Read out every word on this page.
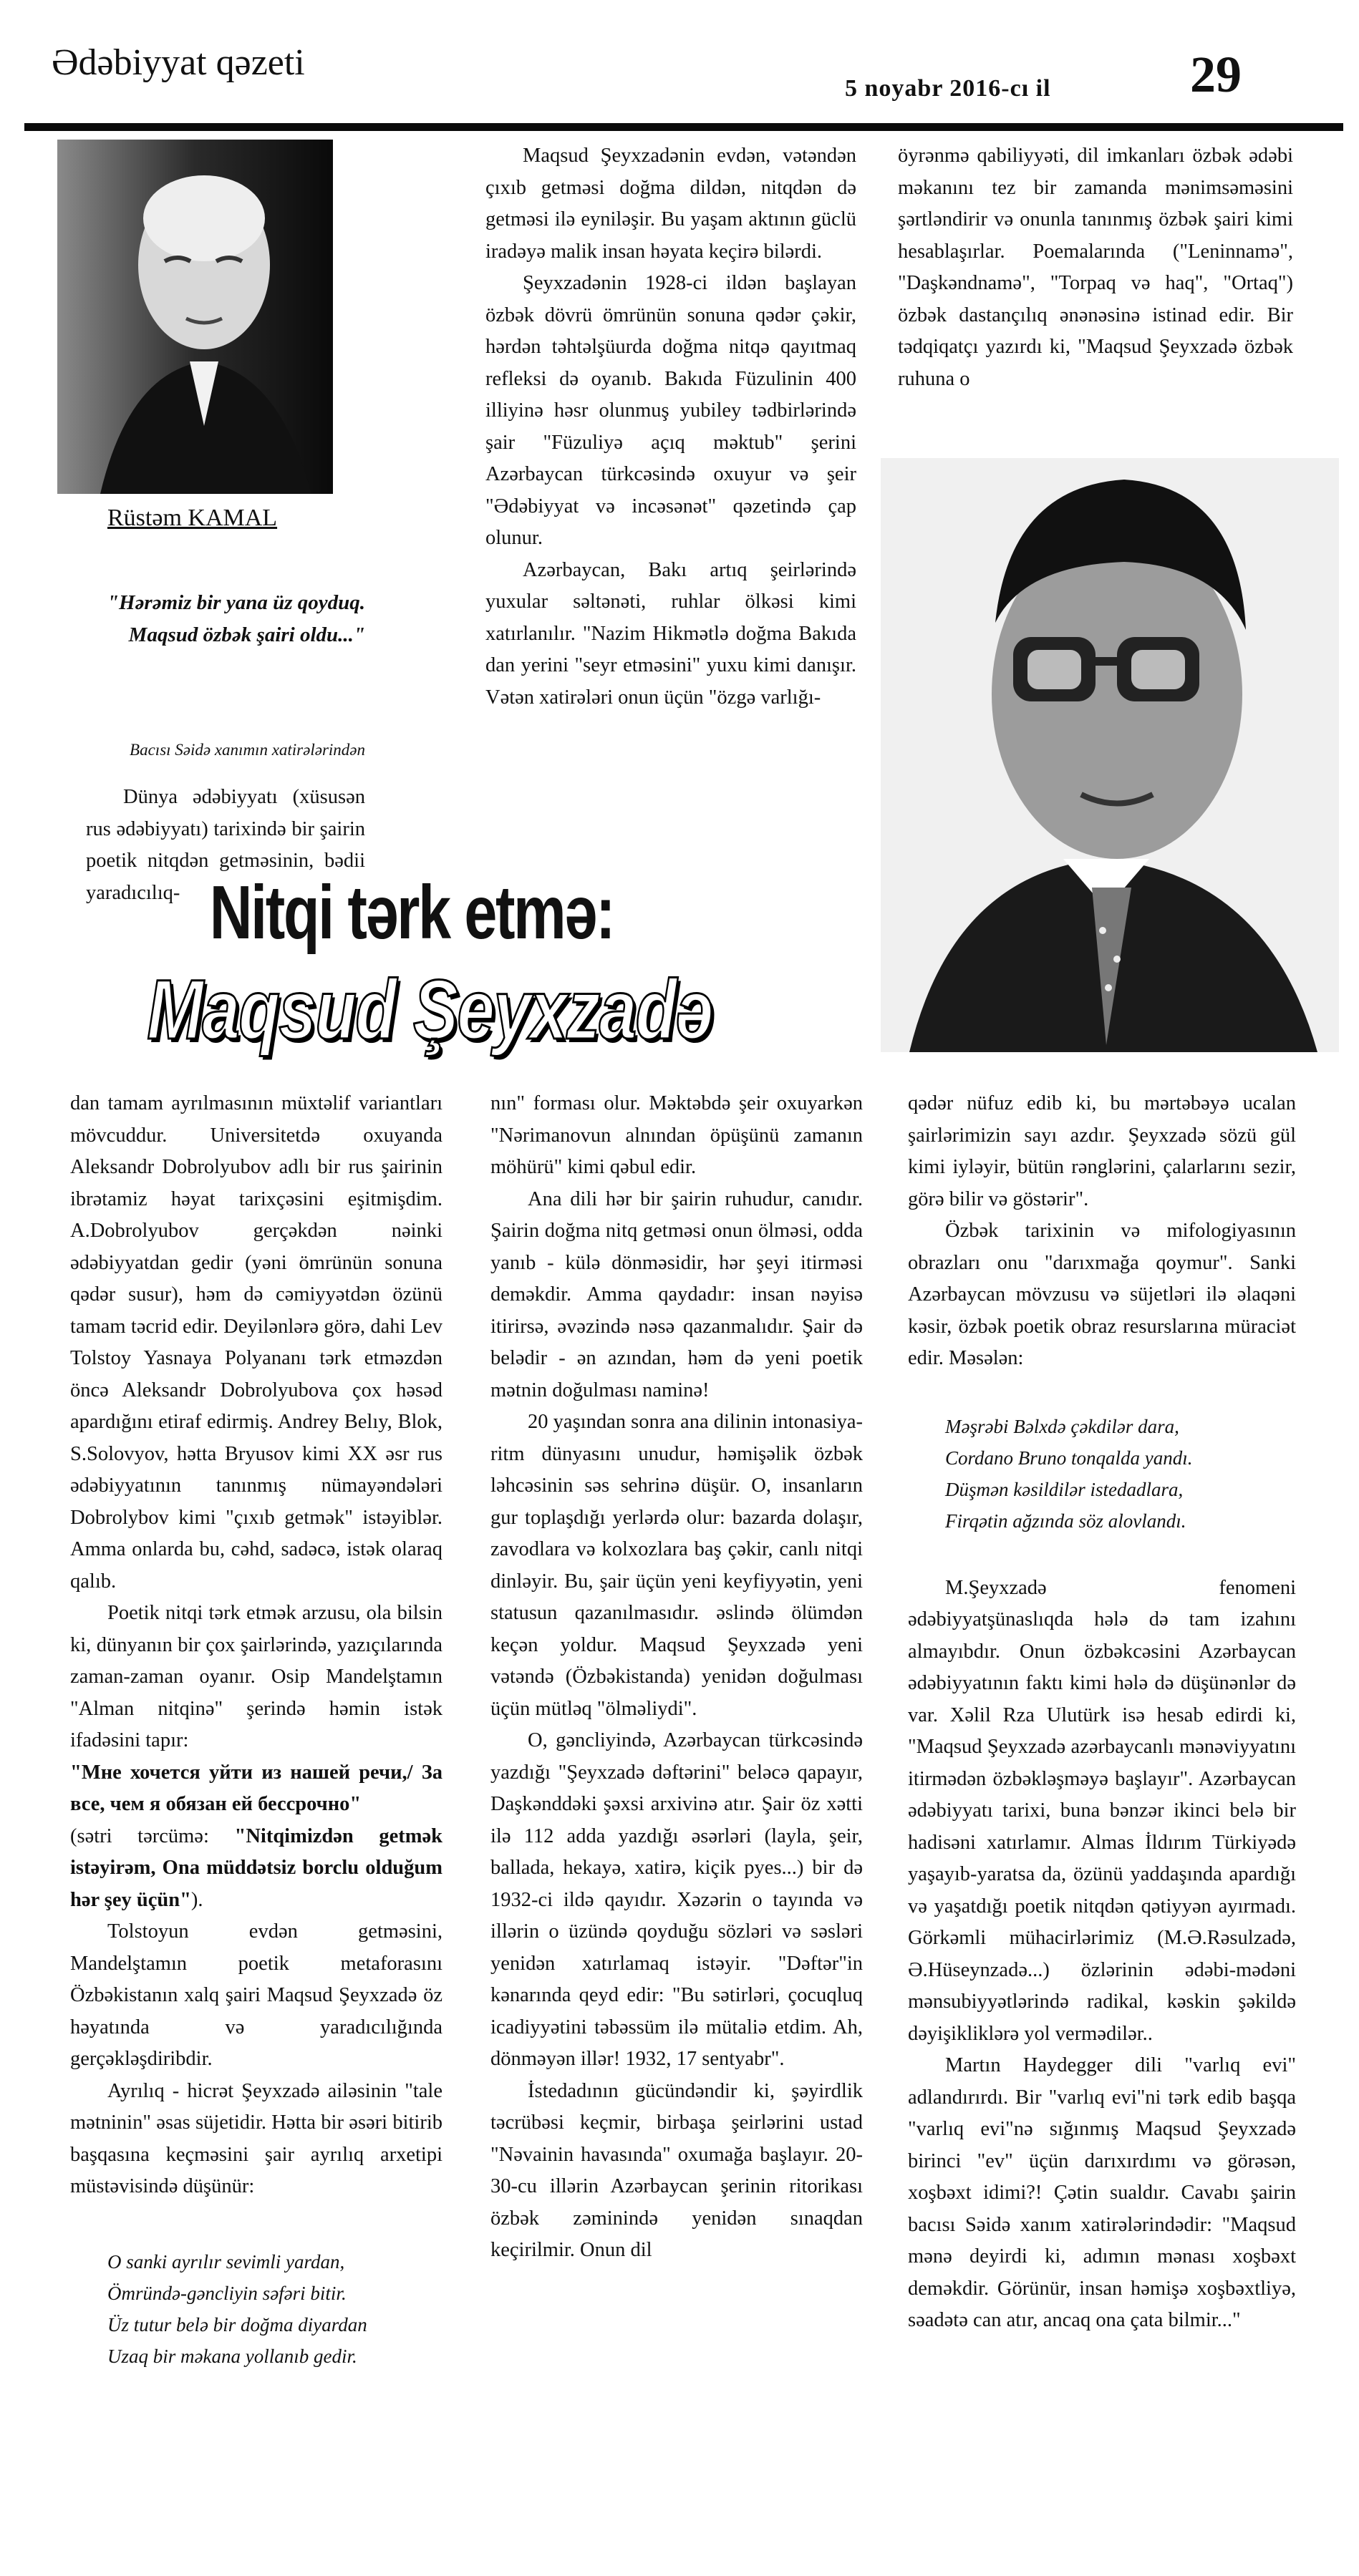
Ədəbiyyat qəzeti
5 noyabr 2016-cı il	29
Rüstəm KAMAL
"Hərəmiz bir yana üz qoyduq.
Maqsud özbək şairi oldu..."
Bacısı Səidə xanımın xatirələrindən

Dünya ədəbiyyatı (xüsusən rus ədəbiyyatı) tarixində bir şairin poetik nitqdən getməsinin, bədii yaradıcılıq-

Maqsud Şeyxzadənin evdən, vətəndən çıxıb getməsi doğma dildən, nitqdən də getməsi ilə eyniləşir. Bu yaşam aktının güclü iradəyə malik insan həyata keçirə bilərdi.

Şeyxzadənin 1928-ci ildən başlayan özbək dövrü ömrünün sonuna qədər çəkir, hərdən təhtəlşüurda doğma nitqə qayıtmaq refleksi də oyanıb. Bakıda Füzulinin 400 illiyinə həsr olunmuş yubiley tədbirlərində şair "Füzuliyə açıq məktub" şerini Azərbaycan türkcəsində oxuyur və şeir "Ədəbiyyat və incəsənət" qəzetində çap olunur.

Azərbaycan, Bakı artıq şeirlərində yuxular səltənəti, ruhlar ölkəsi kimi xatırlanılır. "Nazim Hikmətlə doğma Bakıda dan yerini "seyr etməsini" yuxu kimi danışır. Vətən xatirələri onun üçün "özgə varlığı-

öyrənmə qabiliyyəti, dil imkanları özbək ədəbi məkanını tez bir zamanda mənimsəməsini şərtləndirir və onunla tanınmış özbək şairi kimi hesablaşırlar. Poemalarında ("Leninnamə", "Daşkəndnamə", "Torpaq və haq", "Ortaq") özbək dastançılıq ənənəsinə istinad edir. Bir tədqiqatçı yazırdı ki, "Maqsud Şeyxzadə özbək ruhuna o

Nitqi tərk etmə:
Maqsud Şeyxzadə

dan tamam ayrılmasının müxtəlif variantları mövcuddur. Universitetdə oxuyanda Aleksandr Dobrolyubov adlı bir rus şairinin ibrətamiz həyat tarixçəsini eşitmişdim. A.Dobrolyubov gerçəkdən nəinki ədəbiyyatdan gedir (yəni ömrünün sonuna qədər susur), həm də cəmiyyətdən özünü tamam təcrid edir. Deyilənlərə görə, dahi Lev Tolstoy Yasnaya Polyananı tərk etməzdən öncə Aleksandr Dobrolyubova çox həsəd apardığını etiraf edirmiş. Andrey Belıy, Blok, S.Solovyov, hətta Bryusov kimi XX əsr rus ədəbiyyatının tanınmış nümayəndələri Dobrolybov kimi "çıxıb getmək" istəyiblər. Amma onlarda bu, cəhd, sadəcə, istək olaraq qalıb.

Poetik nitqi tərk etmək arzusu, ola bilsin ki, dünyanın bir çox şairlərində, yazıçılarında zaman-zaman oyanır. Osip Mandelştamın "Alman nitqinə" şerində həmin istək ifadəsini tapır:

"Мне хочется уйти из нашей речи,/ За все, чем я обязан ей бессрочно"

(sətri tərcümə: "Nitqimizdən getmək istəyirəm, Ona müddətsiz borclu olduğum hər şey üçün").

Tolstoyun evdən getməsini, Mandelştamın poetik metaforasını Özbəkistanın xalq şairi Maqsud Şeyxzadə öz həyatında və yaradıcılığında gerçəkləşdiribdir.

Ayrılıq - hicrət Şeyxzadə ailəsinin "tale mətninin" əsas süjetidir. Hətta bir əsəri bitirib başqasına keçməsini şair ayrılıq arxetipi müstəvisində düşünür:

O sanki ayrılır sevimli yardan,
Ömründə-gəncliyin səfəri bitir.
Üz tutur belə bir doğma diyardan
Uzaq bir məkana yollanıb gedir.

nın" forması olur. Məktəbdə şeir oxuyarkən "Nərimanovun alnından öpüşünü zamanın möhürü" kimi qəbul edir.

Ana dili hər bir şairin ruhudur, canıdır. Şairin doğma nitq getməsi onun ölməsi, odda yanıb - külə dönməsidir, hər şeyi itirməsi deməkdir. Amma qaydadır: insan nəyisə itirirsə, əvəzində nəsə qazanmalıdır. Şair də belədir - ən azından, həm də yeni poetik mətnin doğulması naminə!

20 yaşından sonra ana dilinin intonasiya-ritm dünyasını unudur, həmişəlik özbək ləhcəsinin səs sehrinə düşür. O, insanların gur toplaşdığı yerlərdə olur: bazarda dolaşır, zavodlara və kolxozlara baş çəkir, canlı nitqi dinləyir. Bu, şair üçün yeni keyfiyyətin, yeni statusun qazanılmasıdır. əslində ölümdən keçən yoldur. Maqsud Şeyxzadə yeni vətəndə (Özbəkistanda) yenidən doğulması üçün mütləq "ölməliydi".

O, gəncliyində, Azərbaycan türkcəsində yazdığı "Şeyxzadə dəftərini" beləcə qapayır, Daşkənddəki şəxsi arxivinə atır. Şair öz xətti ilə 112 adda yazdığı əsərləri (layla, şeir, ballada, hekayə, xatirə, kiçik pyes...) bir də 1932-ci ildə qayıdır. Xəzərin o tayında və illərin o üzündə qoyduğu sözləri və səsləri yenidən xatırlamaq istəyir. "Dəftər"in kənarında qeyd edir: "Bu sətirləri, çocuqluq icadiyyətini təbəssüm ilə mütaliə etdim. Ah, dönməyən illər! 1932, 17 sentyabr".

İstedadının gücündəndir ki, şəyirdlik təcrübəsi keçmir, birbaşa şeirlərini ustad "Nəvainin havasında" oxumağa başlayır. 20-30-cu illərin Azərbaycan şerinin ritorikası özbək zəminində yenidən sınaqdan keçirilmir. Onun dil

qədər nüfuz edib ki, bu mərtəbəyə ucalan şairlərimizin sayı azdır. Şeyxzadə sözü gül kimi iyləyir, bütün rənglərini, çalarlarını sezir, görə bilir və göstərir".

Özbək tarixinin və mifologiyasının obrazları onu "darıxmağa qoymur". Sanki Azərbaycan mövzusu və süjetləri ilə əlaqəni kəsir, özbək poetik obraz resurslarına müraciət edir. Məsələn:

Məşrəbi Bəlxdə çəkdilər dara,
Cordano Bruno tonqalda yandı.
Düşmən kəsildilər istedadlara,
Firqətin ağzında söz alovlandı.

M.Şeyxzadə fenomeni ədəbiyyatşünaslıqda hələ də tam izahını almayıbdır. Onun özbəkcəsini Azərbaycan ədəbiyyatının faktı kimi hələ də düşünənlər də var. Xəlil Rza Ulutürk isə hesab edirdi ki, "Maqsud Şeyxzadə azərbaycanlı mənəviyyatını itirmədən özbəkləşməyə başlayır". Azərbaycan ədəbiyyatı tarixi, buna bənzər ikinci belə bir hadisəni xatırlamır. Almas İldırım Türkiyədə yaşayıb-yaratsa da, özünü yaddaşında apardığı və yaşatdığı poetik nitqdən qətiyyən ayırmadı. Görkəmli mühacirlərimiz (M.Ə.Rəsulzadə, Ə.Hüseynzadə...) özlərinin ədəbi-mədəni mənsubiyyətlərində radikal, kəskin şəkildə dəyişikliklərə yol vermədilər..

Martın Haydegger dili "varlıq evi" adlandırırdı. Bir "varlıq evi"ni tərk edib başqa "varlıq evi"nə sığınmış Maqsud Şeyxzadə birinci "ev" üçün darıxırdımı və görəsən, xoşbəxt idimi?! Çətin sualdır. Cavabı şairin bacısı Səidə xanım xatirələrindədir: "Maqsud mənə deyirdi ki, adımın mənası xoşbəxt deməkdir. Görünür, insan həmişə xoşbəxtliyə, səadətə can atır, ancaq ona çata bilmir..."
